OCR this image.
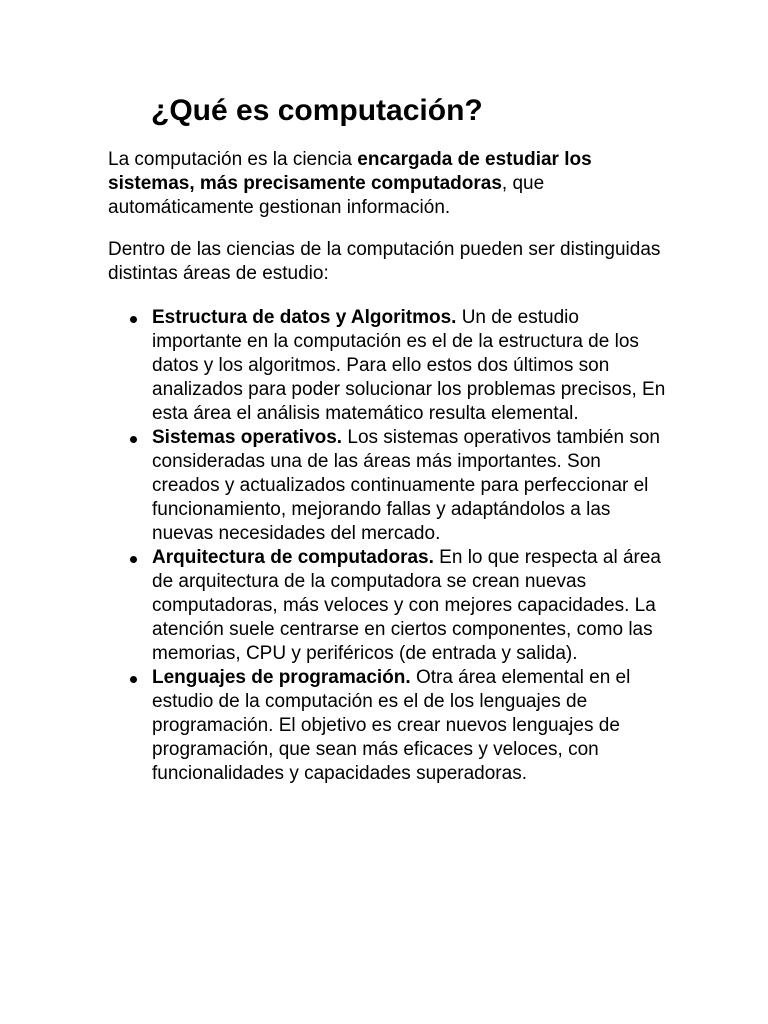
¿Qué es computación?

La computación es la ciencia encargada de estudiar los sistemas, más precisamente computadoras, que automáticamente gestionan información.

Dentro de las ciencias de la computación pueden ser distinguidas distintas áreas de estudio:

Estructura de datos y Algoritmos. Un de estudio importante en la computación es el de la estructura de los datos y los algoritmos. Para ello estos dos últimos son analizados para poder solucionar los problemas precisos, En esta área el análisis matemático resulta elemental.
Sistemas operativos. Los sistemas operativos también son consideradas una de las áreas más importantes. Son creados y actualizados continuamente para perfeccionar el funcionamiento, mejorando fallas y adaptándolos a las nuevas necesidades del mercado.
Arquitectura de computadoras. En lo que respecta al área de arquitectura de la computadora se crean nuevas computadoras, más veloces y con mejores capacidades. La atención suele centrarse en ciertos componentes, como las memorias, CPU y periféricos (de entrada y salida).
Lenguajes de programación. Otra área elemental en el estudio de la computación es el de los lenguajes de programación. El objetivo es crear nuevos lenguajes de programación, que sean más eficaces y veloces, con funcionalidades y capacidades superadoras.
